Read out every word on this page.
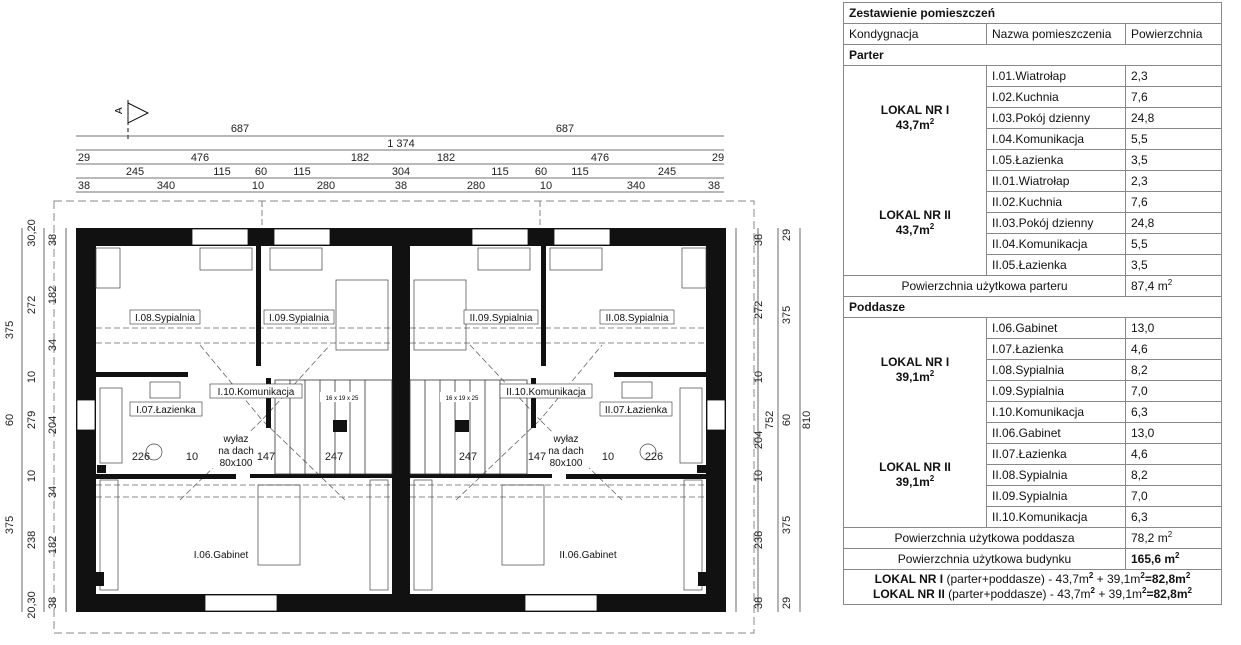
A
687	687
1 374
29	476	182	182	476	29
245	115 60 115	304	115 60 115	245
38	340	10	280	38	280	10	340	38
375
60
375
30,20
272
10
279
10
238
20,30
38
182
34
204
34
182
38
38
272
10
204
10
238
38
29
375
60
375
29
752 810
16 x 19 x 25	16 x 19 x 25
I.08.Sypialnia	I.09.Sypialnia	II.09.Sypialnia	II.08.Sypialnia
I.10.Komunikacja	II.10.Komunikacja
I.07.Łazienka	II.07.Łazienka
I.06.Gabinet	II.06.Gabinet
wyłaz
na dach
80x100
wyłaz
na dach
80x100
226	10	147	247	247	147	10	226
Zestawienie pomieszczeń		
Kondygnacja	Nazwa pomieszczenia	Powierzchnia
Parter		
LOKAL NR I
$43,7m^2$	I.01.Wiatrołap	2,3
	I.02.Kuchnia	7,6
	I.03.Pokój dzienny	24,8
	I.04.Komunikacja	5,5
	I.05.Łazienka	3,5
LOKAL NR II
$43,7m^2$	II.01.Wiatrołap	2,3
	II.02.Kuchnia	7,6
	II.03.Pokój dzienny	24,8
	II.04.Komunikacja	5,5
	II.05.Łazienka	3,5
Powierzchnia użytkowa parteru		87,4 $m^2$
Poddasze		
LOKAL NR I
$39,1m^2$	I.06.Gabinet	13,0
	I.07.Łazienka	4,6
	I.08.Sypialnia	8,2
	I.09.Sypialnia	7,0
	I.10.Komunikacja	6,3
LOKAL NR II
$39,1m^2$	II.06.Gabinet	13,0
	II.07.Łazienka	4,6
	II.08.Sypialnia	8,2
	II.09.Sypialnia	7,0
	II.10.Komunikacja	6,3
Powierzchnia użytkowa poddasza		78,2 $m^2$
Powierzchnia użytkowa budynku		165,6 $m^2$

LOKAL NR I (parter+poddasze) - $43,7m^2 + 39,1m^2=82,8m^2$
LOKAL NR II (parter+poddasze) - $43,7m^2 + 39,1m^2=82,8m^2$
